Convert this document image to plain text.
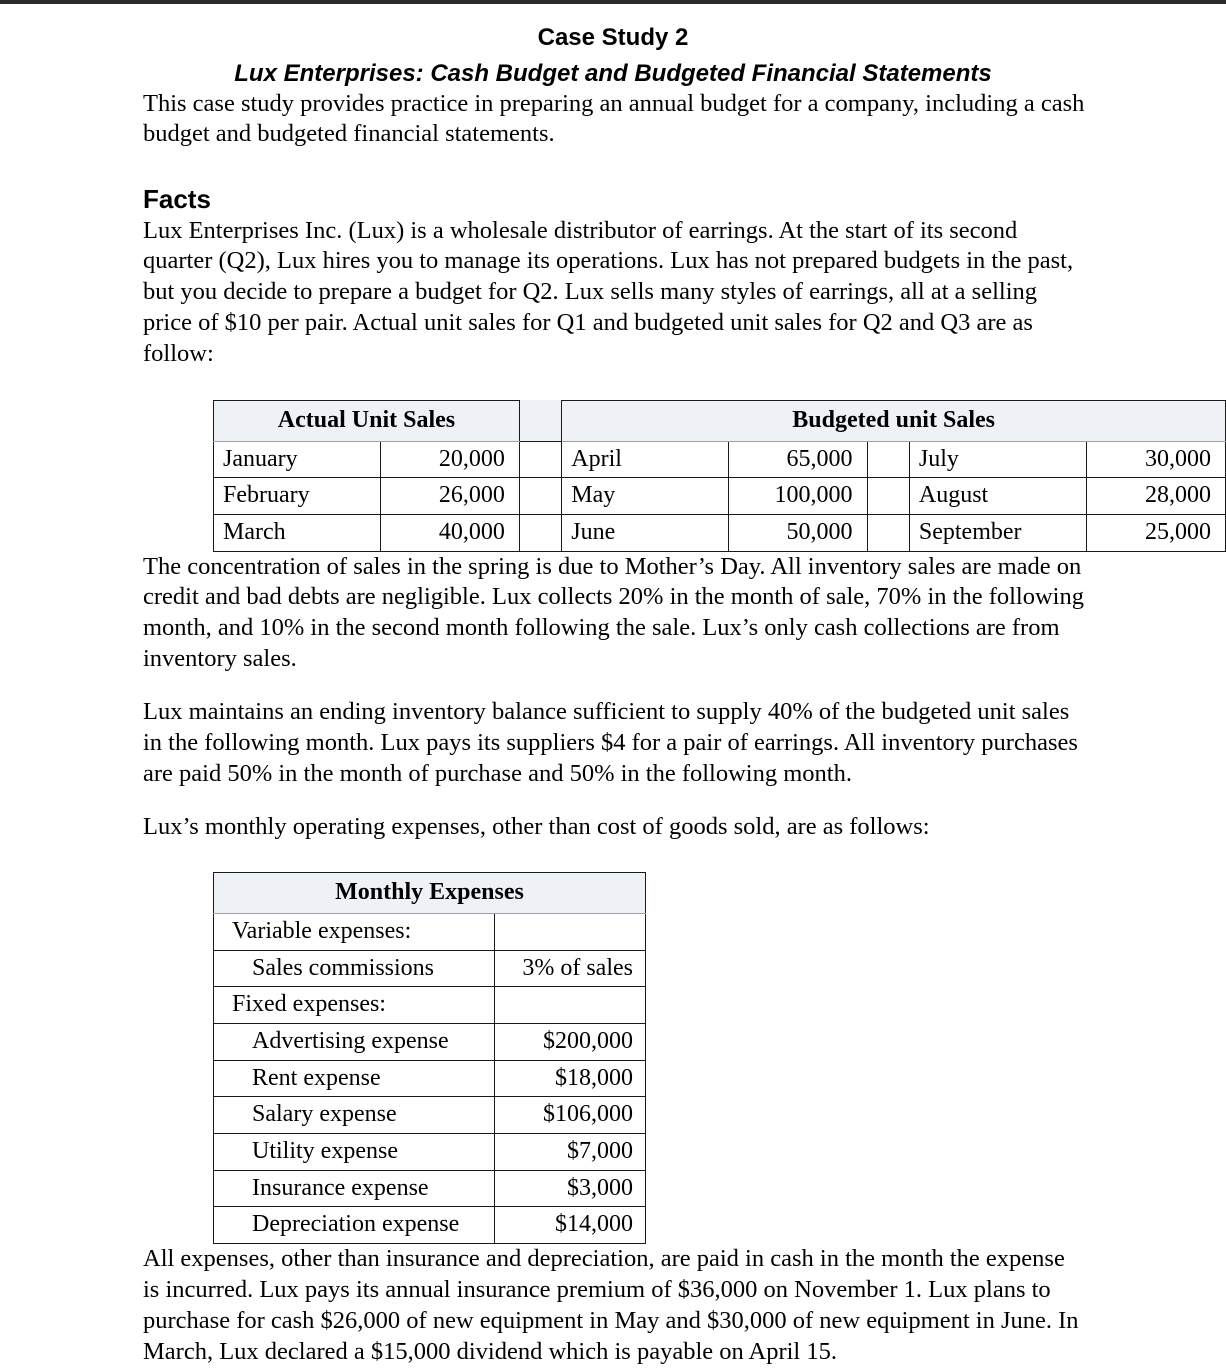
Case Study 2
Lux Enterprises: Cash Budget and Budgeted Financial Statements

This case study provides practice in preparing an annual budget for a company, including a cash budget and budgeted financial statements.

Facts

Lux Enterprises Inc. (Lux) is a wholesale distributor of earrings. At the start of its second quarter (Q2), Lux hires you to manage its operations. Lux has not prepared budgets in the past, but you decide to prepare a budget for Q2. Lux sells many styles of earrings, all at a selling price of $10 per pair. Actual unit sales for Q1 and budgeted unit sales for Q2 and Q3 are as follow:

Actual Unit Sales			Budgeted unit Sales				
January	20,000		April	65,000		July	30,000
February	26,000		May	100,000		August	28,000
March	40,000		June	50,000		September	25,000

The concentration of sales in the spring is due to Mother’s Day. All inventory sales are made on credit and bad debts are negligible. Lux collects 20% in the month of sale, 70% in the following month, and 10% in the second month following the sale. Lux’s only cash collections are from inventory sales.

Lux maintains an ending inventory balance sufficient to supply 40% of the budgeted unit sales in the following month. Lux pays its suppliers $4 for a pair of earrings. All inventory purchases are paid 50% in the month of purchase and 50% in the following month.

Lux’s monthly operating expenses, other than cost of goods sold, are as follows:

Monthly Expenses	
Variable expenses:	
Sales commissions	3% of sales
Fixed expenses:	
Advertising expense	$200,000
Rent expense	$18,000
Salary expense	$106,000
Utility expense	$7,000
Insurance expense	$3,000
Depreciation expense	$14,000

All expenses, other than insurance and depreciation, are paid in cash in the month the expense is incurred. Lux pays its annual insurance premium of $36,000 on November 1. Lux plans to purchase for cash $26,000 of new equipment in May and $30,000 of new equipment in June. In March, Lux declared a $15,000 dividend which is payable on April 15.
